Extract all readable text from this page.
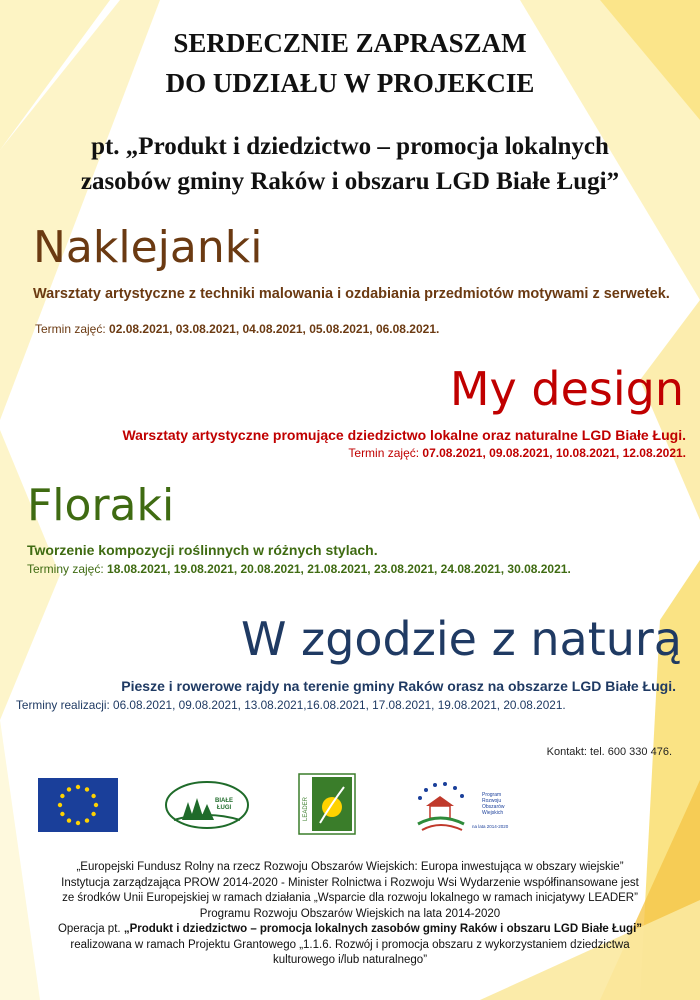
SERDECZNIE ZAPRASZAM
DO UDZIAŁU W PROJEKCIE
pt. „Produkt i dziedzictwo – promocja lokalnych
zasobów gminy Raków i obszaru LGD Białe Ługi”
Naklejanki
Warsztaty artystyczne z techniki malowania i ozdabiania przedmiotów motywami z serwetek.
Termin zajęć: 02.08.2021, 03.08.2021, 04.08.2021, 05.08.2021, 06.08.2021.
My design
Warsztaty artystyczne promujące dziedzictwo lokalne oraz naturalne LGD Białe Ługi.
Termin zajęć: 07.08.2021, 09.08.2021, 10.08.2021, 12.08.2021.
Floraki
Tworzenie kompozycji roślinnych w różnych stylach.
Terminy zajęć: 18.08.2021, 19.08.2021, 20.08.2021, 21.08.2021, 23.08.2021, 24.08.2021, 30.08.2021.
W zgodzie z naturą
Piesze i rowerowe rajdy na terenie gminy Raków orasz na obszarze LGD Białe Ługi.
Terminy realizacji: 06.08.2021, 09.08.2021, 13.08.2021,16.08.2021, 17.08.2021, 19.08.2021, 20.08.2021.
Kontakt: tel. 600 330 476.
BIAŁE
ŁUGI	LEADER
Program
Rozwoju
Obszarów
Wiejskich
na lata 2014-2020
„Europejski Fundusz Rolny na rzecz Rozwoju Obszarów Wiejskich: Europa inwestująca w obszary wiejskie”
Instytucja zarządzająca PROW 2014-2020 - Minister Rolnictwa i Rozwoju Wsi Wydarzenie współfinansowane jest
ze środków Unii Europejskiej w ramach działania „Wsparcie dla rozwoju lokalnego w ramach inicjatywy LEADER”
Programu Rozwoju Obszarów Wiejskich na lata 2014-2020
Operacja pt. „Produkt i dziedzictwo – promocja lokalnych zasobów gminy Raków i obszaru LGD Białe Ługi”
realizowana w ramach Projektu Grantowego „1.1.6. Rozwój i promocja obszaru z wykorzystaniem dziedzictwa
kulturowego i/lub naturalnego”
